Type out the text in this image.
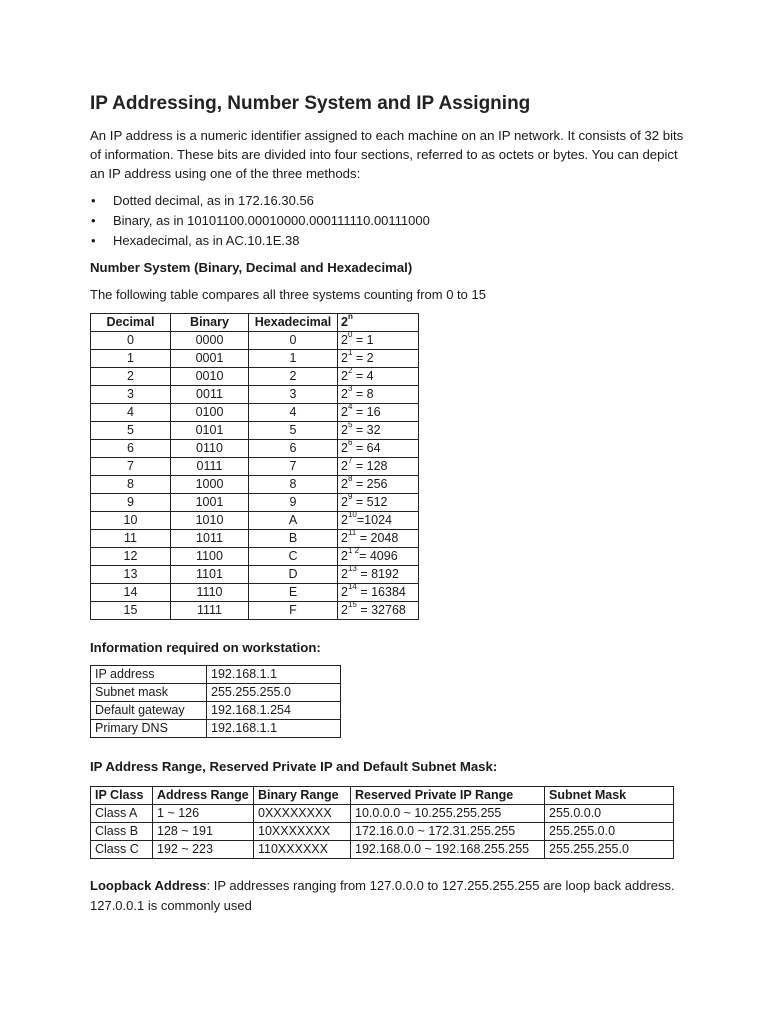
IP Addressing, Number System and IP Assigning

An IP address is a numeric identifier assigned to each machine on an IP network. It consists of 32 bits of information. These bits are divided into four sections, referred to as octets or bytes. You can depict an IP address using one of the three methods:

• Dotted decimal, as in 172.16.30.56
• Binary, as in 10101100.00010000.000111110.00111000
• Hexadecimal, as in AC.10.1E.38
Number System (Binary, Decimal and Hexadecimal)

The following table compares all three systems counting from 0 to 15

Decimal	Binary	Hexadecimal	2$^n$
0	0000	0	$2^0 = 1$
1	0001	1	$2^1 = 2$
2	0010	2	$2^2 = 4$
3	0011	3	$2^3 = 8$
4	0100	4	$2^4 = 16$
5	0101	5	$2^5 = 32$
6	0110	6	$2^6 = 64$
7	0111	7	$2^7 = 128$
8	1000	8	$2^8 = 256$
9	1001	9	$2^9 = 512$
10	1010	A	$2^{10}=1024$
11	1011	B	$2^{11} = 2048$
12	1100	C	$2^{1 2}= 4096$
13	1101	D	$2^{13} = 8192$
14	1110	E	$2^{14} = 16384$
15	1111	F	$2^{15} = 32768$
Information required on workstation:
IP address	192.168.1.1
Subnet mask	255.255.255.0
Default gateway	192.168.1.254
Primary DNS	192.168.1.1
IP Address Range, Reserved Private IP and Default Subnet Mask:
IP Class	Address Range	Binary Range	Reserved Private IP Range	Subnet Mask
Class A	1 ~ 126	0XXXXXXXX	10.0.0.0 ~ 10.255.255.255	255.0.0.0
Class B	128 ~ 191	10XXXXXXX	172.16.0.0 ~ 172.31.255.255	255.255.0.0
Class C	192 ~ 223	110XXXXXX	192.168.0.0 ~ 192.168.255.255	255.255.255.0

Loopback Address: IP addresses ranging from 127.0.0.0 to 127.255.255.255 are loop back address. 127.0.0.1 is commonly used
